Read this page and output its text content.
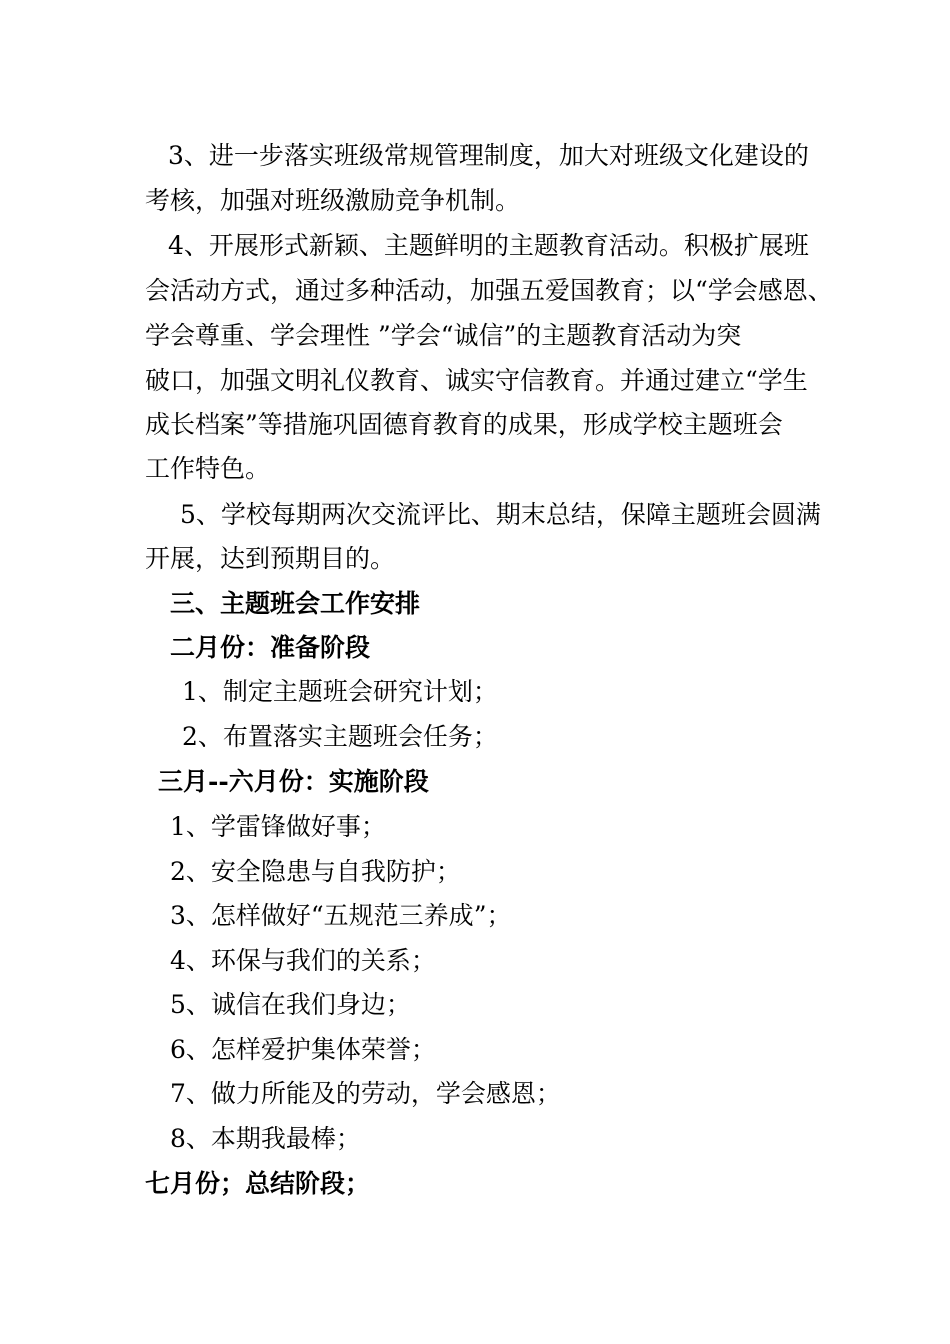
3、进一步落实班级常规管理制度，加大对班级文化建设的
考核，加强对班级激励竞争机制。
4、开展形式新颖、主题鲜明的主题教育活动。积极扩展班
会活动方式，通过多种活动，加强五爱国教育；以“学会感恩、
学会尊重、学会理性 ”学会“诚信”的主题教育活动为突
破口，加强文明礼仪教育、诚实守信教育。并通过建立“学生
成长档案”等措施巩固德育教育的成果，形成学校主题班会
工作特色。
5、学校每期两次交流评比、期末总结，保障主题班会圆满
开展，达到预期目的。
三、主题班会工作安排
二月份：准备阶段
1、制定主题班会研究计划；
2、布置落实主题班会任务；
三月--六月份：实施阶段
1、学雷锋做好事；
2、安全隐患与自我防护；
3、怎样做好“五规范三养成”；
4、环保与我们的关系；
5、诚信在我们身边；
6、怎样爱护集体荣誉；
7、做力所能及的劳动，学会感恩；
8、本期我最棒；
七月份；总结阶段；
